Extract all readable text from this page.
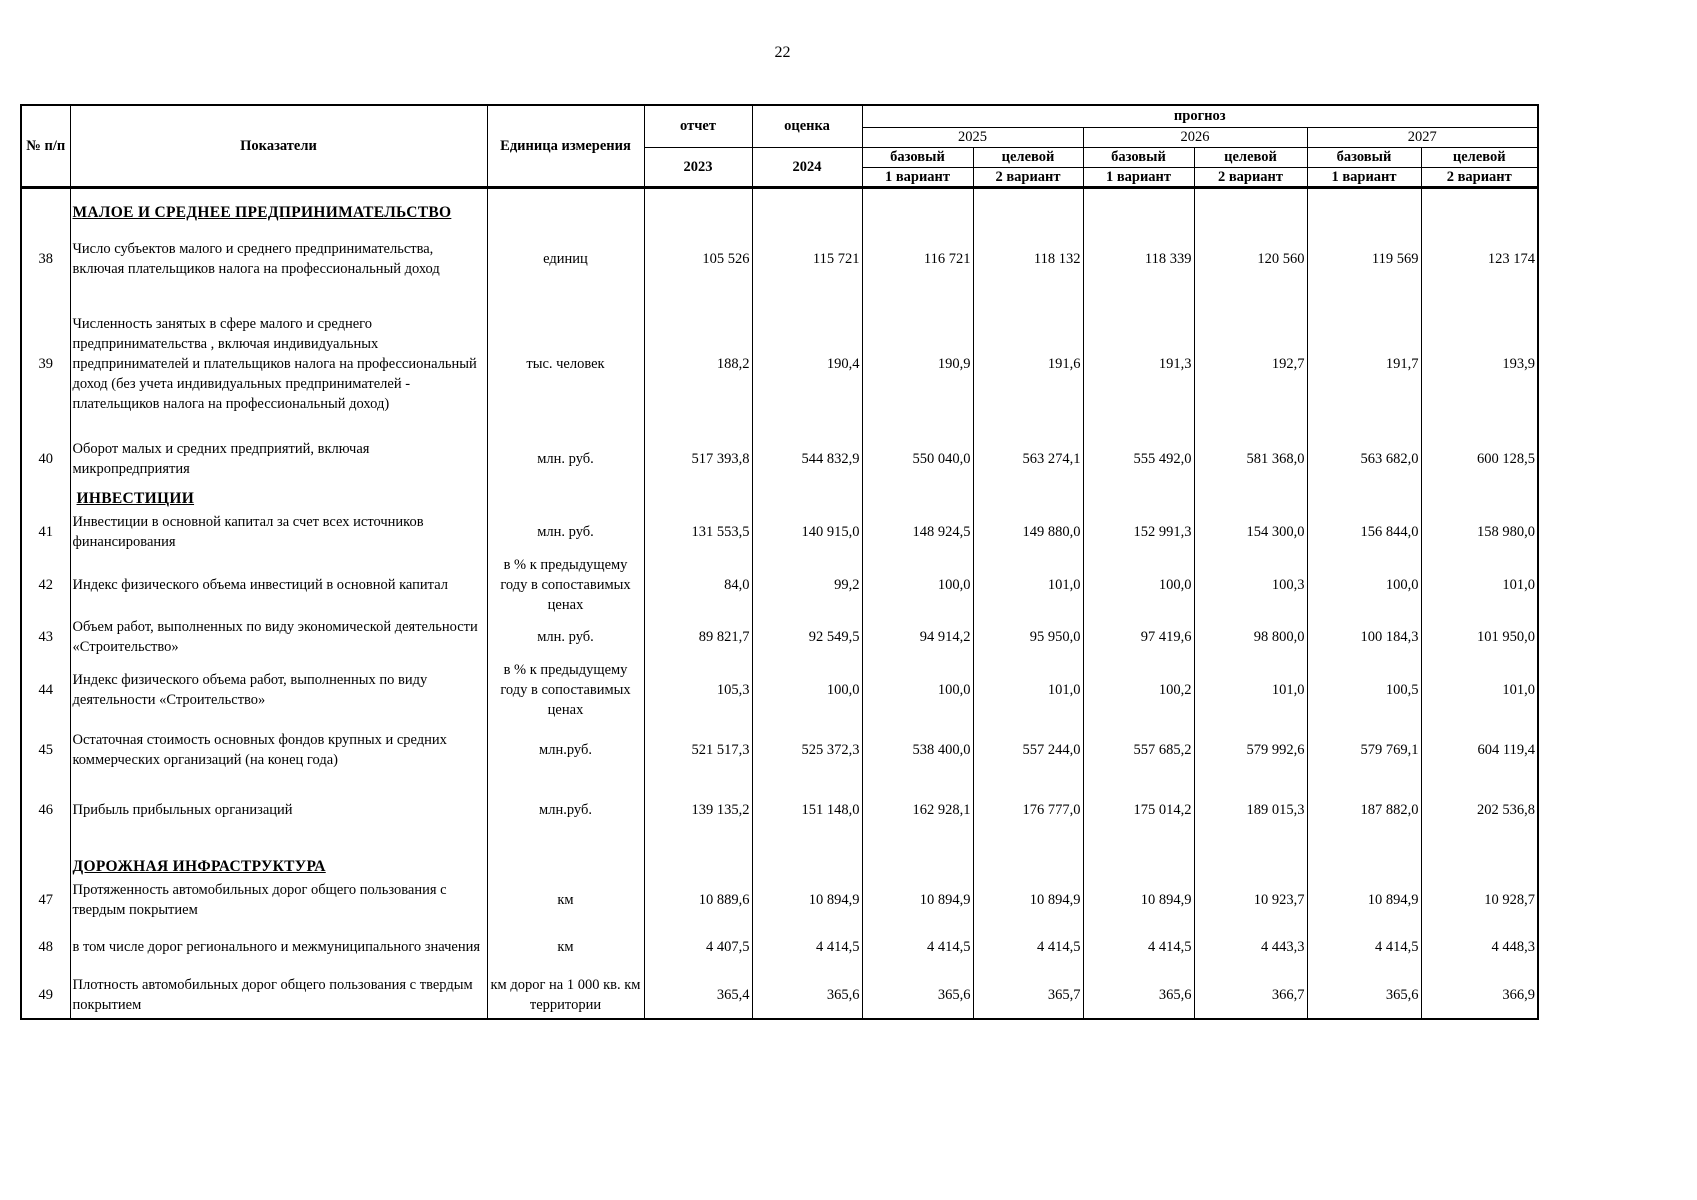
22
№ п/п	Показатели	Единица измерения	отчет	оценка	прогноз					
					2025		2026		2027	
			2023	2024	базовый	целевой	базовый	целевой	базовый	целевой
					1 вариант	2 вариант	1 вариант	2 вариант	1 вариант	2 вариант
	МАЛОЕ И СРЕДНЕЕ ПРЕДПРИНИМАТЕЛЬСТВО									
38	Число субъектов малого и среднего предпринимательства, включая плательщиков налога на профессиональный доход	единиц	105 526	115 721	116 721	118 132	118 339	120 560	119 569	123 174
39	Численность занятых в сфере малого и среднего предпринимательства , включая индивидуальных предпринимателей и плательщиков налога на профессиональный доход (без учета индивидуальных предпринимателей - плательщиков налога на профессиональный доход)	тыс. человек	188,2	190,4	190,9	191,6	191,3	192,7	191,7	193,9
40	Оборот малых и средних предприятий, включая микропредприятия	млн. руб.	517 393,8	544 832,9	550 040,0	563 274,1	555 492,0	581 368,0	563 682,0	600 128,5
	ИНВЕСТИЦИИ									
41	Инвестиции в основной капитал за счет всех источников финансирования	млн. руб.	131 553,5	140 915,0	148 924,5	149 880,0	152 991,3	154 300,0	156 844,0	158 980,0
42	Индекс физического объема инвестиций в основной капитал	в % к предыдущему году в сопоставимых ценах	84,0	99,2	100,0	101,0	100,0	100,3	100,0	101,0
43	Объем работ, выполненных по виду экономической деятельности «Строительство»	млн. руб.	89 821,7	92 549,5	94 914,2	95 950,0	97 419,6	98 800,0	100 184,3	101 950,0
44	Индекс физического объема работ, выполненных по виду деятельности «Строительство»	в % к предыдущему году в сопоставимых ценах	105,3	100,0	100,0	101,0	100,2	101,0	100,5	101,0
45	Остаточная стоимость основных фондов крупных и средних коммерческих организаций (на конец года)	млн.руб.	521 517,3	525 372,3	538 400,0	557 244,0	557 685,2	579 992,6	579 769,1	604 119,4
46	Прибыль прибыльных организаций	млн.руб.	139 135,2	151 148,0	162 928,1	176 777,0	175 014,2	189 015,3	187 882,0	202 536,8
	ДОРОЖНАЯ ИНФРАСТРУКТУРА									
47	Протяженность автомобильных дорог общего пользования с твердым покрытием	км	10 889,6	10 894,9	10 894,9	10 894,9	10 894,9	10 923,7	10 894,9	10 928,7
48	в том числе дорог регионального и межмуниципального значения	км	4 407,5	4 414,5	4 414,5	4 414,5	4 414,5	4 443,3	4 414,5	4 448,3
49	Плотность автомобильных дорог общего пользования с твердым покрытием	км дорог на 1 000 кв. км территории	365,4	365,6	365,6	365,7	365,6	366,7	365,6	366,9
